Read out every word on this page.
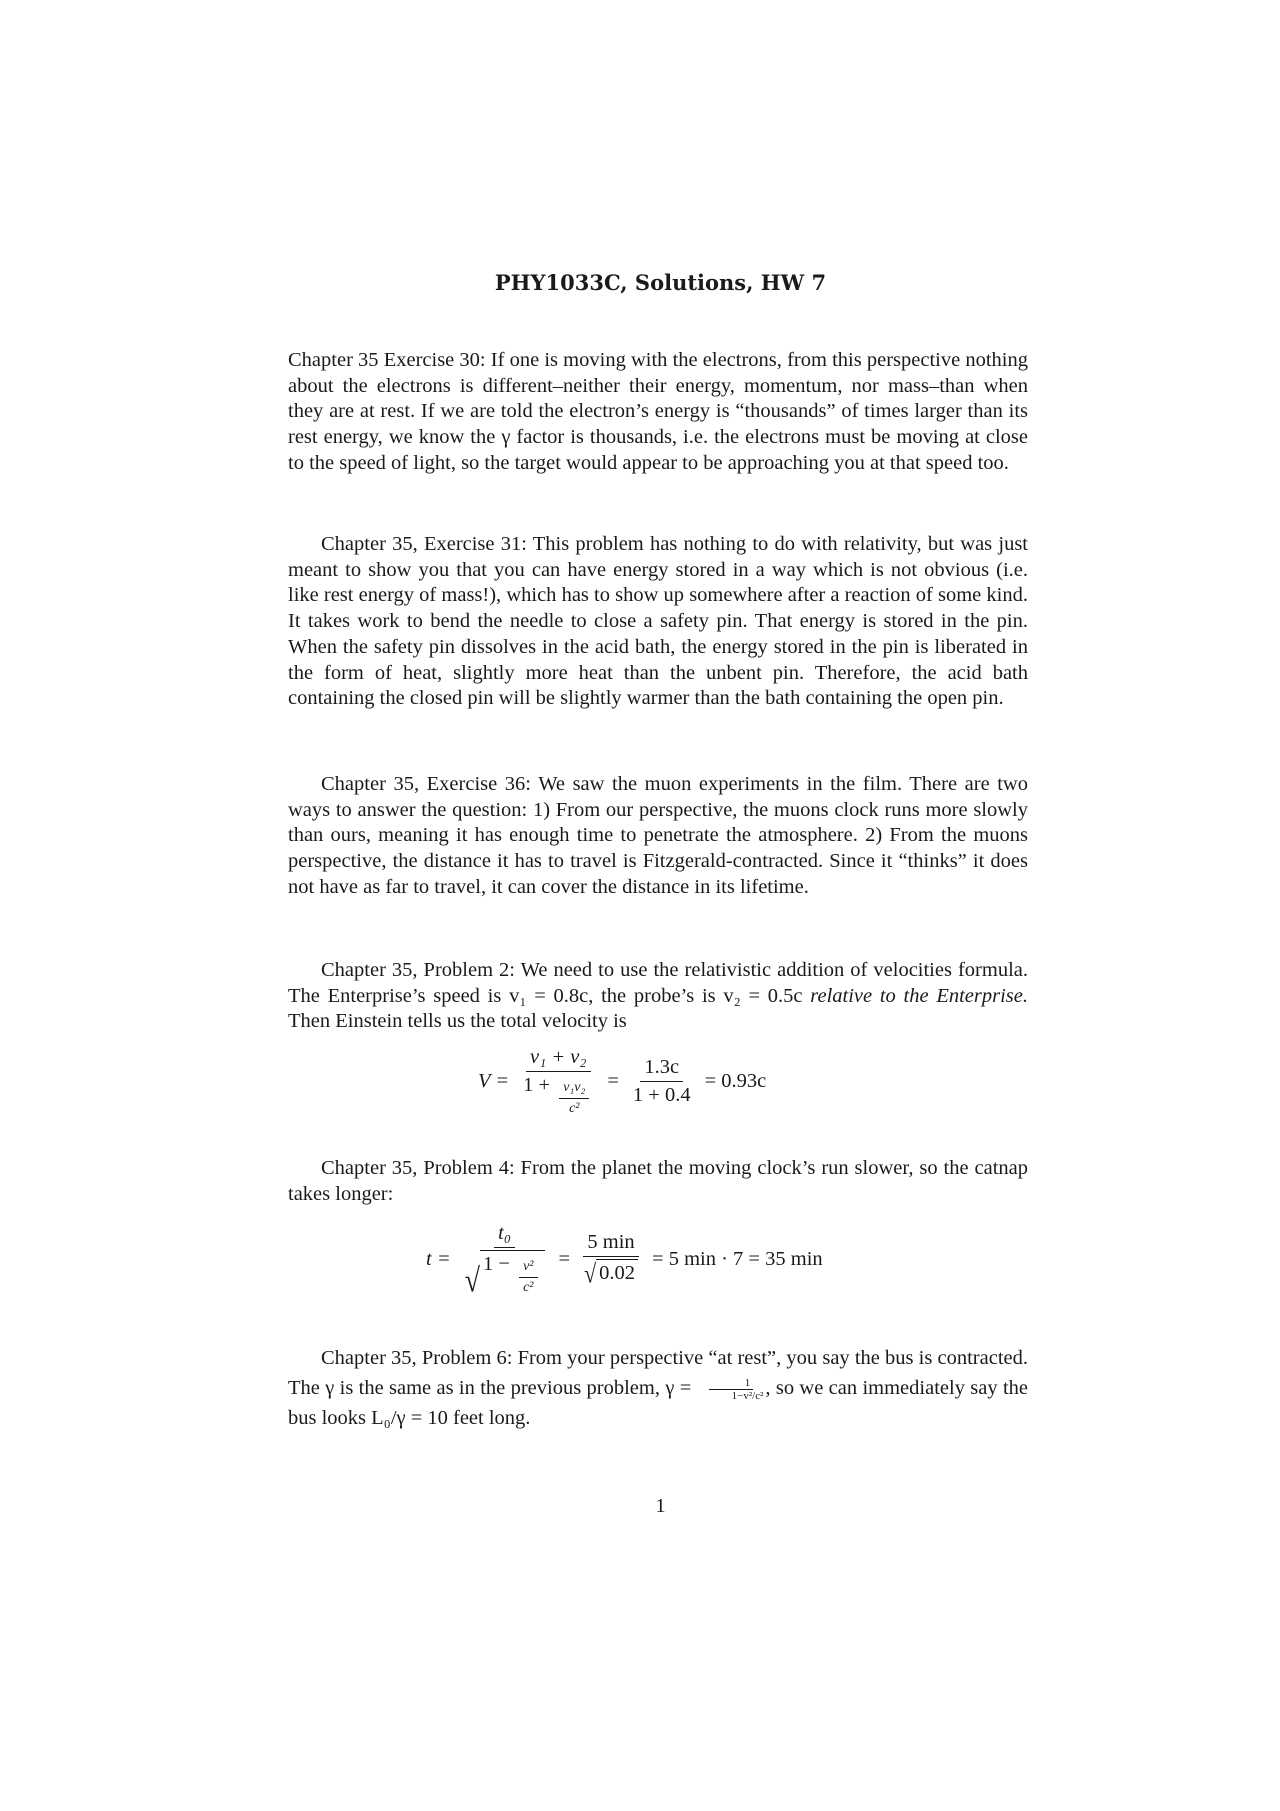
PHY1033C, Solutions, HW 7

Chapter 35 Exercise 30: If one is moving with the electrons, from this perspective nothing about the electrons is different–neither their energy, momentum, nor mass–than when they are at rest. If we are told the electron’s energy is “thousands” of times larger than its rest energy, we know the γ factor is thousands, i.e. the electrons must be moving at close to the speed of light, so the target would appear to be approaching you at that speed too.

Chapter 35, Exercise 31: This problem has nothing to do with relativity, but was just meant to show you that you can have energy stored in a way which is not obvious (i.e. like rest energy of mass!), which has to show up somewhere after a reaction of some kind. It takes work to bend the needle to close a safety pin. That energy is stored in the pin. When the safety pin dissolves in the acid bath, the energy stored in the pin is liberated in the form of heat, slightly more heat than the unbent pin. Therefore, the acid bath containing the closed pin will be slightly warmer than the bath containing the open pin.

Chapter 35, Exercise 36: We saw the muon experiments in the film. There are two ways to answer the question: 1) From our perspective, the muons clock runs more slowly than ours, meaning it has enough time to penetrate the atmosphere. 2) From the muons perspective, the distance it has to travel is Fitzgerald-contracted. Since it “thinks” it does not have as far to travel, it can cover the distance in its lifetime.

Chapter 35, Problem 2: We need to use the relativistic addition of velocities formula. The Enterprise’s speed is v₁ = 0.8c, the probe’s is v₂ = 0.5c relative to the Enterprise. Then Einstein tells us the total velocity is

$V = \frac{\text{v₁ + v₂}}{1 + \frac{\text{v₁v₂}}{\text{c²}}} = \frac{1.3c}{1 + 0.4} = 0.93c$

Chapter 35, Problem 4: From the planet the moving clock’s run slower, so the catnap takes longer:

t =
t₀
√ $1 - \frac{\text{v²}}{\text{c²}}$
= $\frac{5 \min}{√ 0.02} = 5$ min · 7 = 35 min

Chapter 35, Problem 6: From your perspective “at rest”, you say the bus is contracted. The γ is the same as in the previous problem, $\gamma = \frac{1}{\text{1−v²/c²}}$ , so we can immediately say the bus looks L₀/γ = 10 feet long.

1
